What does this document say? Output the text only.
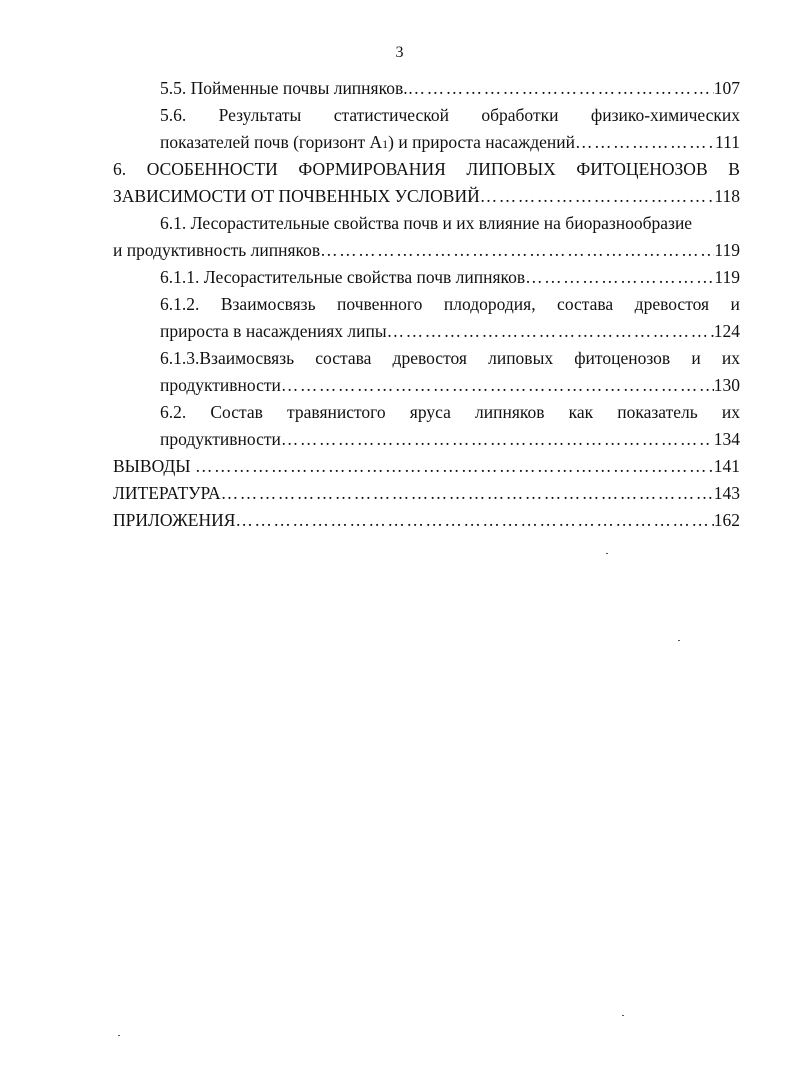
3
5.5. Пойменные почвы липняков. …………………………………………………………………………………………………………………………………………………………………………	107
5.6. Результаты статистической обработки физико-химических
показателей почв (горизонт А1) и прироста насаждений …………………………………………………………………………………………………………………………………………………………………………	111
6. ОСОБЕННОСТИ ФОРМИРОВАНИЯ ЛИПОВЫХ ФИТОЦЕНОЗОВ В
ЗАВИСИМОСТИ ОТ ПОЧВЕННЫХ УСЛОВИЙ …………………………………………………………………………………………………………………………………………………………………………	118
6.1. Лесорастительные свойства почв и их влияние на биоразнообразие
и продуктивность липняков …………………………………………………………………………………………………………………………………………………………………………	119
6.1.1. Лесорастительные свойства почв липняков …………………………………………………………………………………………………………………………………………………………………………	119
6.1.2. Взаимосвязь почвенного плодородия, состава древостоя и
прироста в насаждениях липы …………………………………………………………………………………………………………………………………………………………………………	124
6.1.3.Взаимосвязь состава древостоя липовых фитоценозов и их
продуктивности …………………………………………………………………………………………………………………………………………………………………………	130
6.2. Состав травянистого яруса липняков как показатель их
продуктивности …………………………………………………………………………………………………………………………………………………………………………	134
ВЫВОДЫ …………………………………………………………………………………………………………………………………………………………………………	141
ЛИТЕРАТУРА …………………………………………………………………………………………………………………………………………………………………………	143
ПРИЛОЖЕНИЯ …………………………………………………………………………………………………………………………………………………………………………	162
